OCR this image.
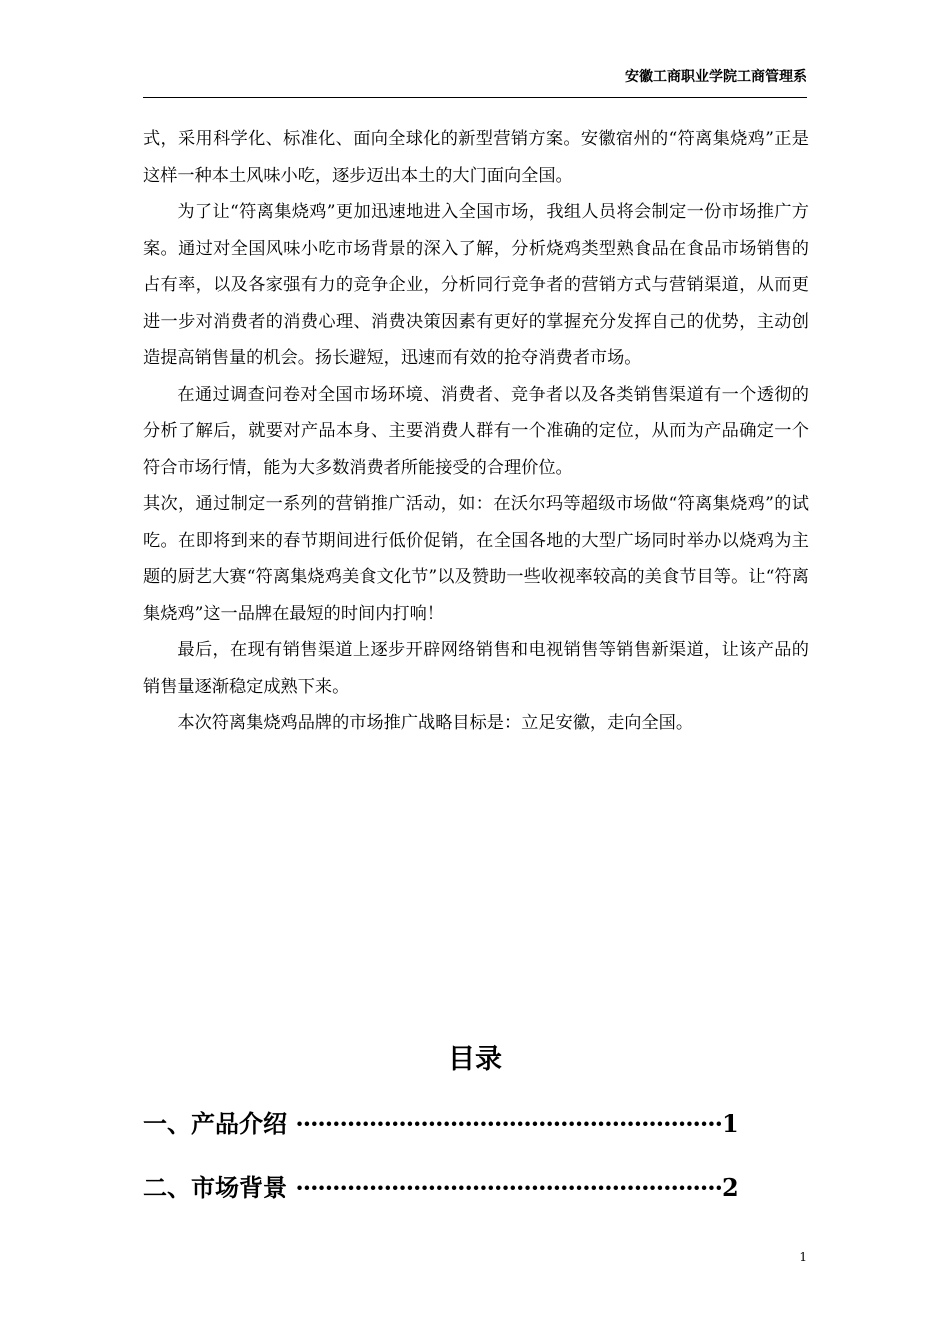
安徽工商职业学院工商管理系

式，采用科学化、标准化、面向全球化的新型营销方案。安徽宿州的“符离集烧鸡”正是这样一种本土风味小吃，逐步迈出本土的大门面向全国。

为了让“符离集烧鸡”更加迅速地进入全国市场，我组人员将会制定一份市场推广方案。通过对全国风味小吃市场背景的深入了解，分析烧鸡类型熟食品在食品市场销售的占有率，以及各家强有力的竞争企业，分析同行竞争者的营销方式与营销渠道，从而更进一步对消费者的消费心理、消费决策因素有更好的掌握充分发挥自己的优势，主动创造提高销售量的机会。扬长避短，迅速而有效的抢夺消费者市场。

在通过调查问卷对全国市场环境、消费者、竞争者以及各类销售渠道有一个透彻的分析了解后，就要对产品本身、主要消费人群有一个准确的定位，从而为产品确定一个符合市场行情，能为大多数消费者所能接受的合理价位。

其次，通过制定一系列的营销推广活动，如：在沃尔玛等超级市场做“符离集烧鸡”的试吃。在即将到来的春节期间进行低价促销，在全国各地的大型广场同时举办以烧鸡为主题的厨艺大赛“符离集烧鸡美食文化节”以及赞助一些收视率较高的美食节目等。让“符离集烧鸡”这一品牌在最短的时间内打响！

最后，在现有销售渠道上逐步开辟网络销售和电视销售等销售新渠道，让该产品的销售量逐渐稳定成熟下来。

本次符离集烧鸡品牌的市场推广战略目标是：立足安徽，走向全国。

目录
一、产品介绍 ··························································1
二、市场背景 ··························································2
1
